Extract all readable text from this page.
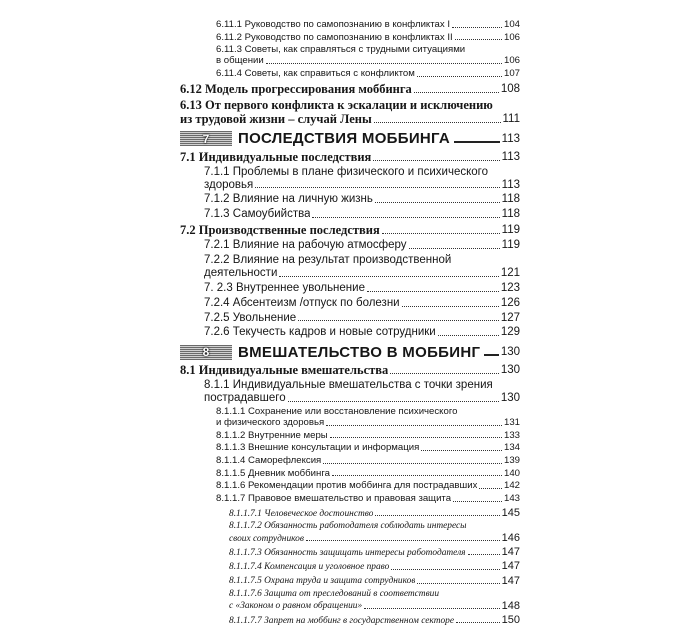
6.11.1 Руководство по самопознанию в конфликтах I	104
6.11.2 Руководство по самопознанию в конфликтах II	106
6.11.3 Советы, как справляться с трудными ситуациями
в общении	106
6.11.4 Советы, как справиться с конфликтом	107
6.12 Модель прогрессирования моббинга	108
6.13 От первого конфликта к эскалации и исключению
из трудовой жизни – случай Лены	111
7 ПОСЛЕДСТВИЯ МОББИНГА	113
7.1 Индивидуальные последствия	113
7.1.1 Проблемы в плане физического и психического
здоровья	113
7.1.2 Влияние на личную жизнь	118
7.1.3 Самоубийства	118
7.2 Производственные последствия	119
7.2.1 Влияние на рабочую атмосферу	119
7.2.2 Влияние на результат производственной
деятельности	121
7. 2.3 Внутреннее увольнение	123
7.2.4 Абсентеизм /отпуск по болезни	126
7.2.5 Увольнение	127
7.2.6 Текучесть кадров и новые сотрудники	129
8 ВМЕШАТЕЛЬСТВО В МОББИНГ 130
8.1 Индивидуальные вмешательства	130
8.1.1 Индивидуальные вмешательства с точки зрения
пострадавшего	130
8.1.1.1 Сохранение или восстановление психического
и физического здоровья	131
8.1.1.2 Внутренние меры	133
8.1.1.3 Внешние консультации и информация	134
8.1.1.4 Саморефлексия	139
8.1.1.5 Дневник моббинга	140
8.1.1.6 Рекомендации против моббинга для пострадавших	142
8.1.1.7 Правовое вмешательство и правовая защита	143
8.1.1.7.1 Человеческое достоинство	145
8.1.1.7.2 Обязанность работодателя соблюдать интересы
своих сотрудников	146
8.1.1.7.3 Обязанность защищать интересы работодателя	147
8.1.1.7.4 Компенсация и уголовное право	147
8.1.1.7.5 Охрана труда и защита сотрудников	147
8.1.1.7.6 Защита от преследований в соответствии
с «Законом о равном обращении»	148
8.1.1.7.7 Запрет на моббинг в государственном секторе	150
